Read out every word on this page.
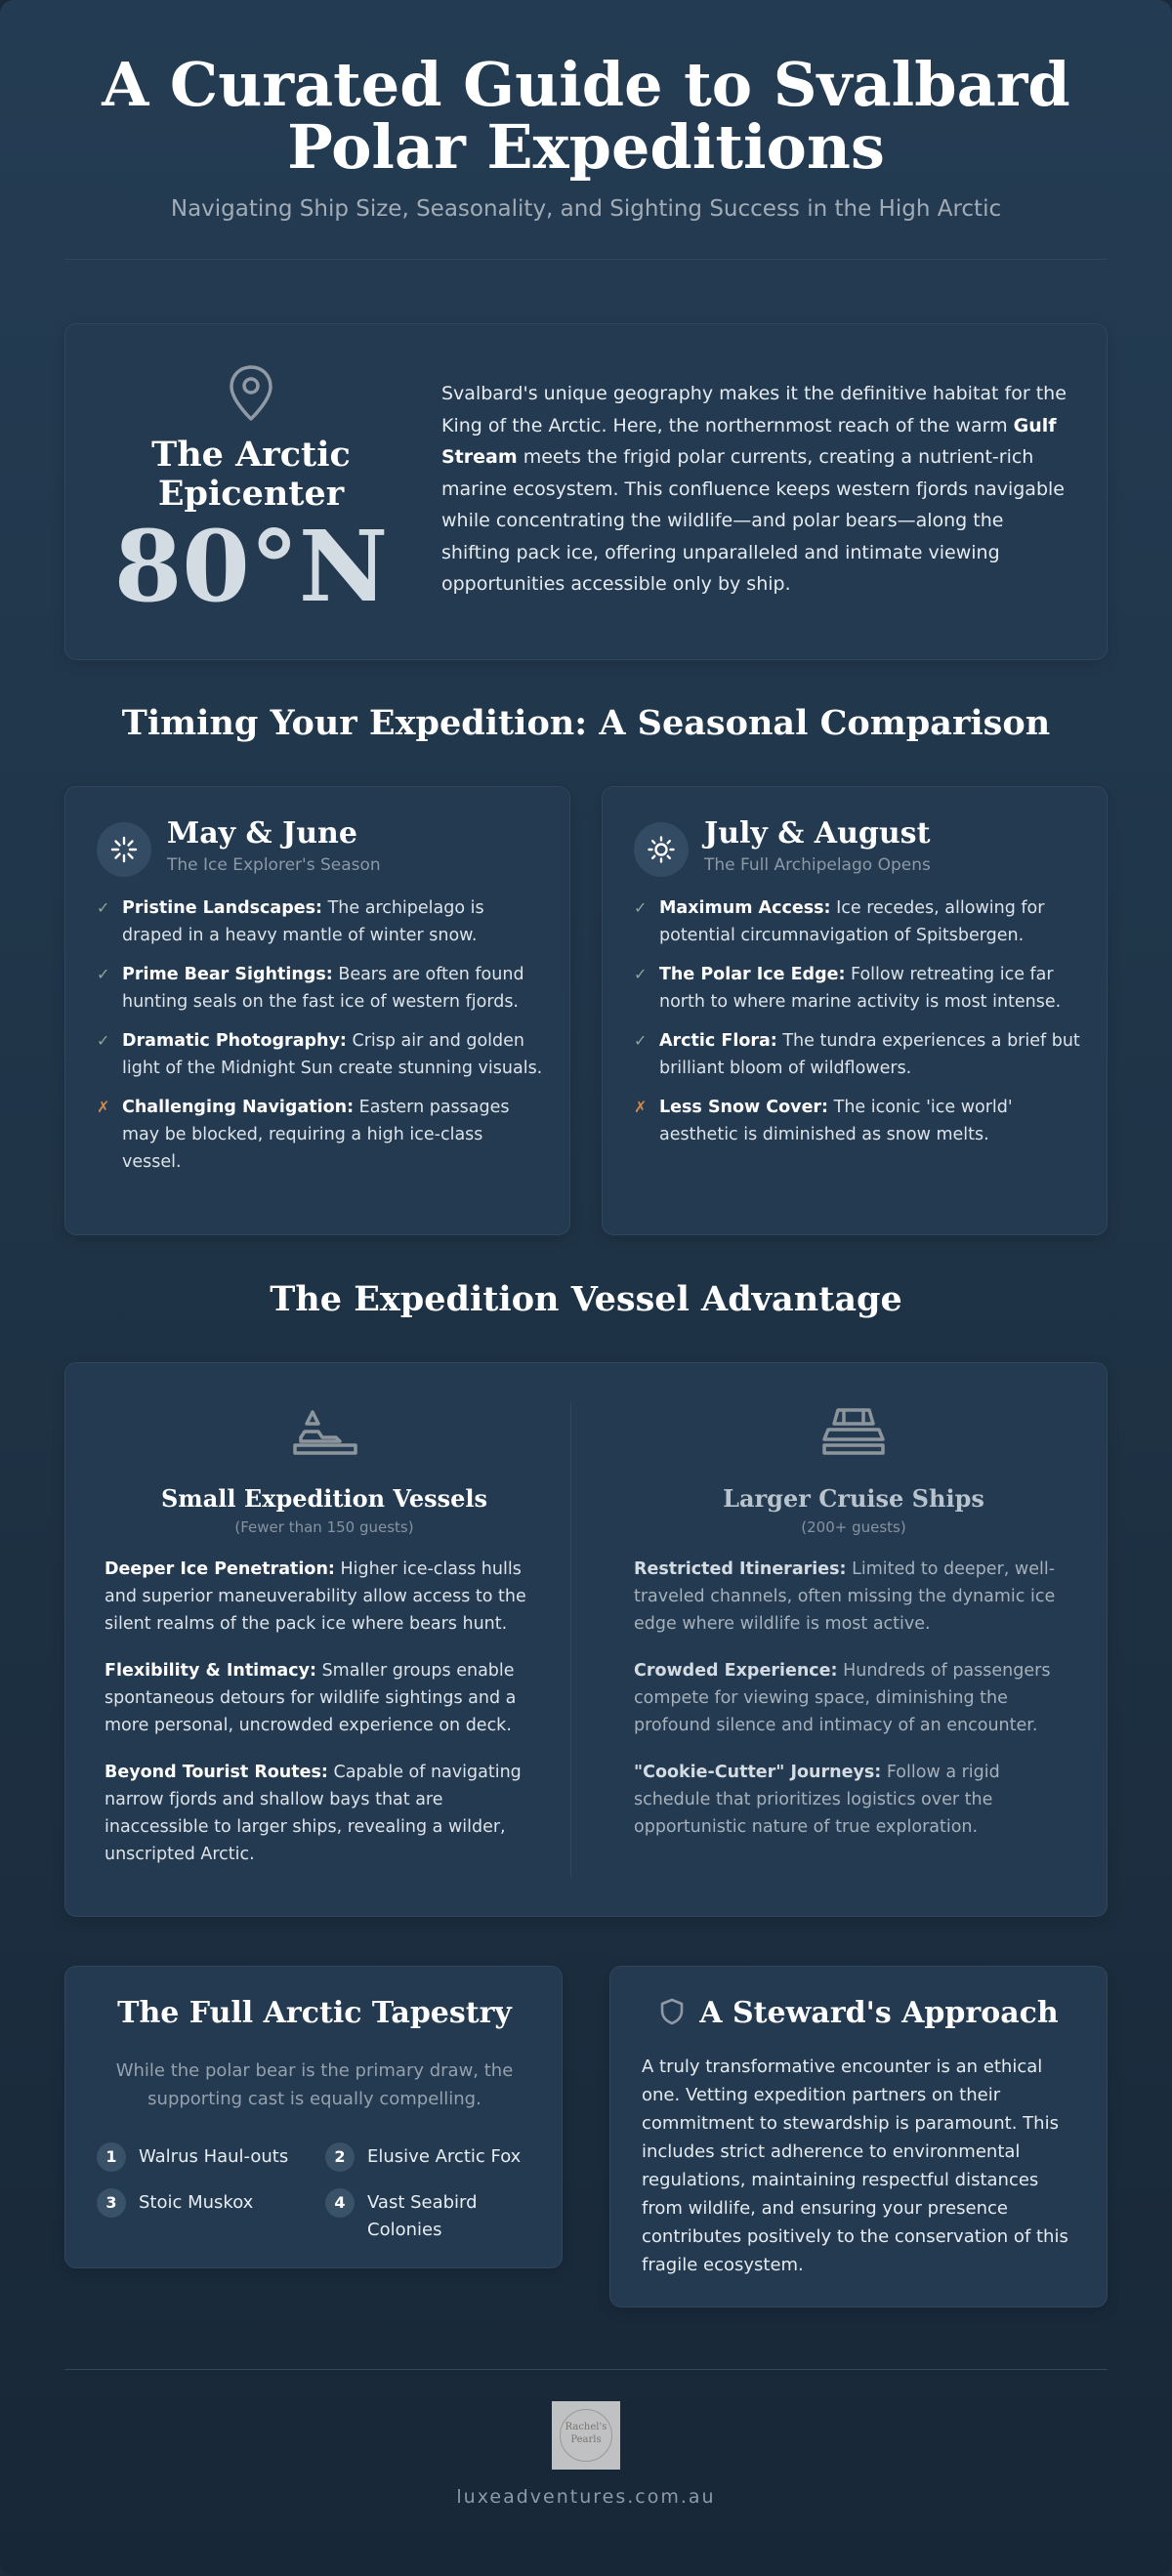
A Curated Guide to Svalbard Polar Expeditions
Navigating Ship Size, Seasonality, and Sighting Success in the High Arctic
The Arctic Epicenter
80°N
Svalbard's unique geography makes it the definitive habitat for the King of the Arctic. Here, the northernmost reach of the warm Gulf Stream meets the frigid polar currents, creating a nutrient-rich marine ecosystem. This confluence keeps western fjords navigable while concentrating the wildlife—and polar bears—along the shifting pack ice, offering unparalleled and intimate viewing opportunities accessible only by ship.
Timing Your Expedition: A Seasonal Comparison
May & June
The Ice Explorer's Season
✓ Pristine Landscapes: The archipelago is draped in a heavy mantle of winter snow.
✓ Prime Bear Sightings: Bears are often found hunting seals on the fast ice of western fjords.
✓ Dramatic Photography: Crisp air and golden light of the Midnight Sun create stunning visuals.
✗ Challenging Navigation: Eastern passages may be blocked, requiring a high ice-class vessel.
July & August
The Full Archipelago Opens
✓ Maximum Access: Ice recedes, allowing for potential circumnavigation of Spitsbergen.
✓ The Polar Ice Edge: Follow retreating ice far north to where marine activity is most intense.
✓ Arctic Flora: The tundra experiences a brief but brilliant bloom of wildflowers.
✗ Less Snow Cover: The iconic 'ice world' aesthetic is diminished as snow melts.
The Expedition Vessel Advantage
Small Expedition Vessels
(Fewer than 150 guests)
Deeper Ice Penetration: Higher ice-class hulls and superior maneuverability allow access to the silent realms of the pack ice where bears hunt.
Flexibility & Intimacy: Smaller groups enable spontaneous detours for wildlife sightings and a more personal, uncrowded experience on deck.
Beyond Tourist Routes: Capable of navigating narrow fjords and shallow bays that are inaccessible to larger ships, revealing a wilder, unscripted Arctic.
Larger Cruise Ships
(200+ guests)
Restricted Itineraries: Limited to deeper, well-traveled channels, often missing the dynamic ice edge where wildlife is most active.
Crowded Experience: Hundreds of passengers compete for viewing space, diminishing the profound silence and intimacy of an encounter.
"Cookie-Cutter" Journeys: Follow a rigid schedule that prioritizes logistics over the opportunistic nature of true exploration.
The Full Arctic Tapestry
While the polar bear is the primary draw, the supporting cast is equally compelling.
1	Walrus Haul-outs	2	Elusive Arctic Fox
3	Stoic Muskox	4	Vast Seabird Colonies
A Steward's Approach
A truly transformative encounter is an ethical one. Vetting expedition partners on their commitment to stewardship is paramount. This includes strict adherence to environmental regulations, maintaining respectful distances from wildlife, and ensuring your presence contributes positively to the conservation of this fragile ecosystem.
Rachel's
Pearls
luxeadventures.com.au
